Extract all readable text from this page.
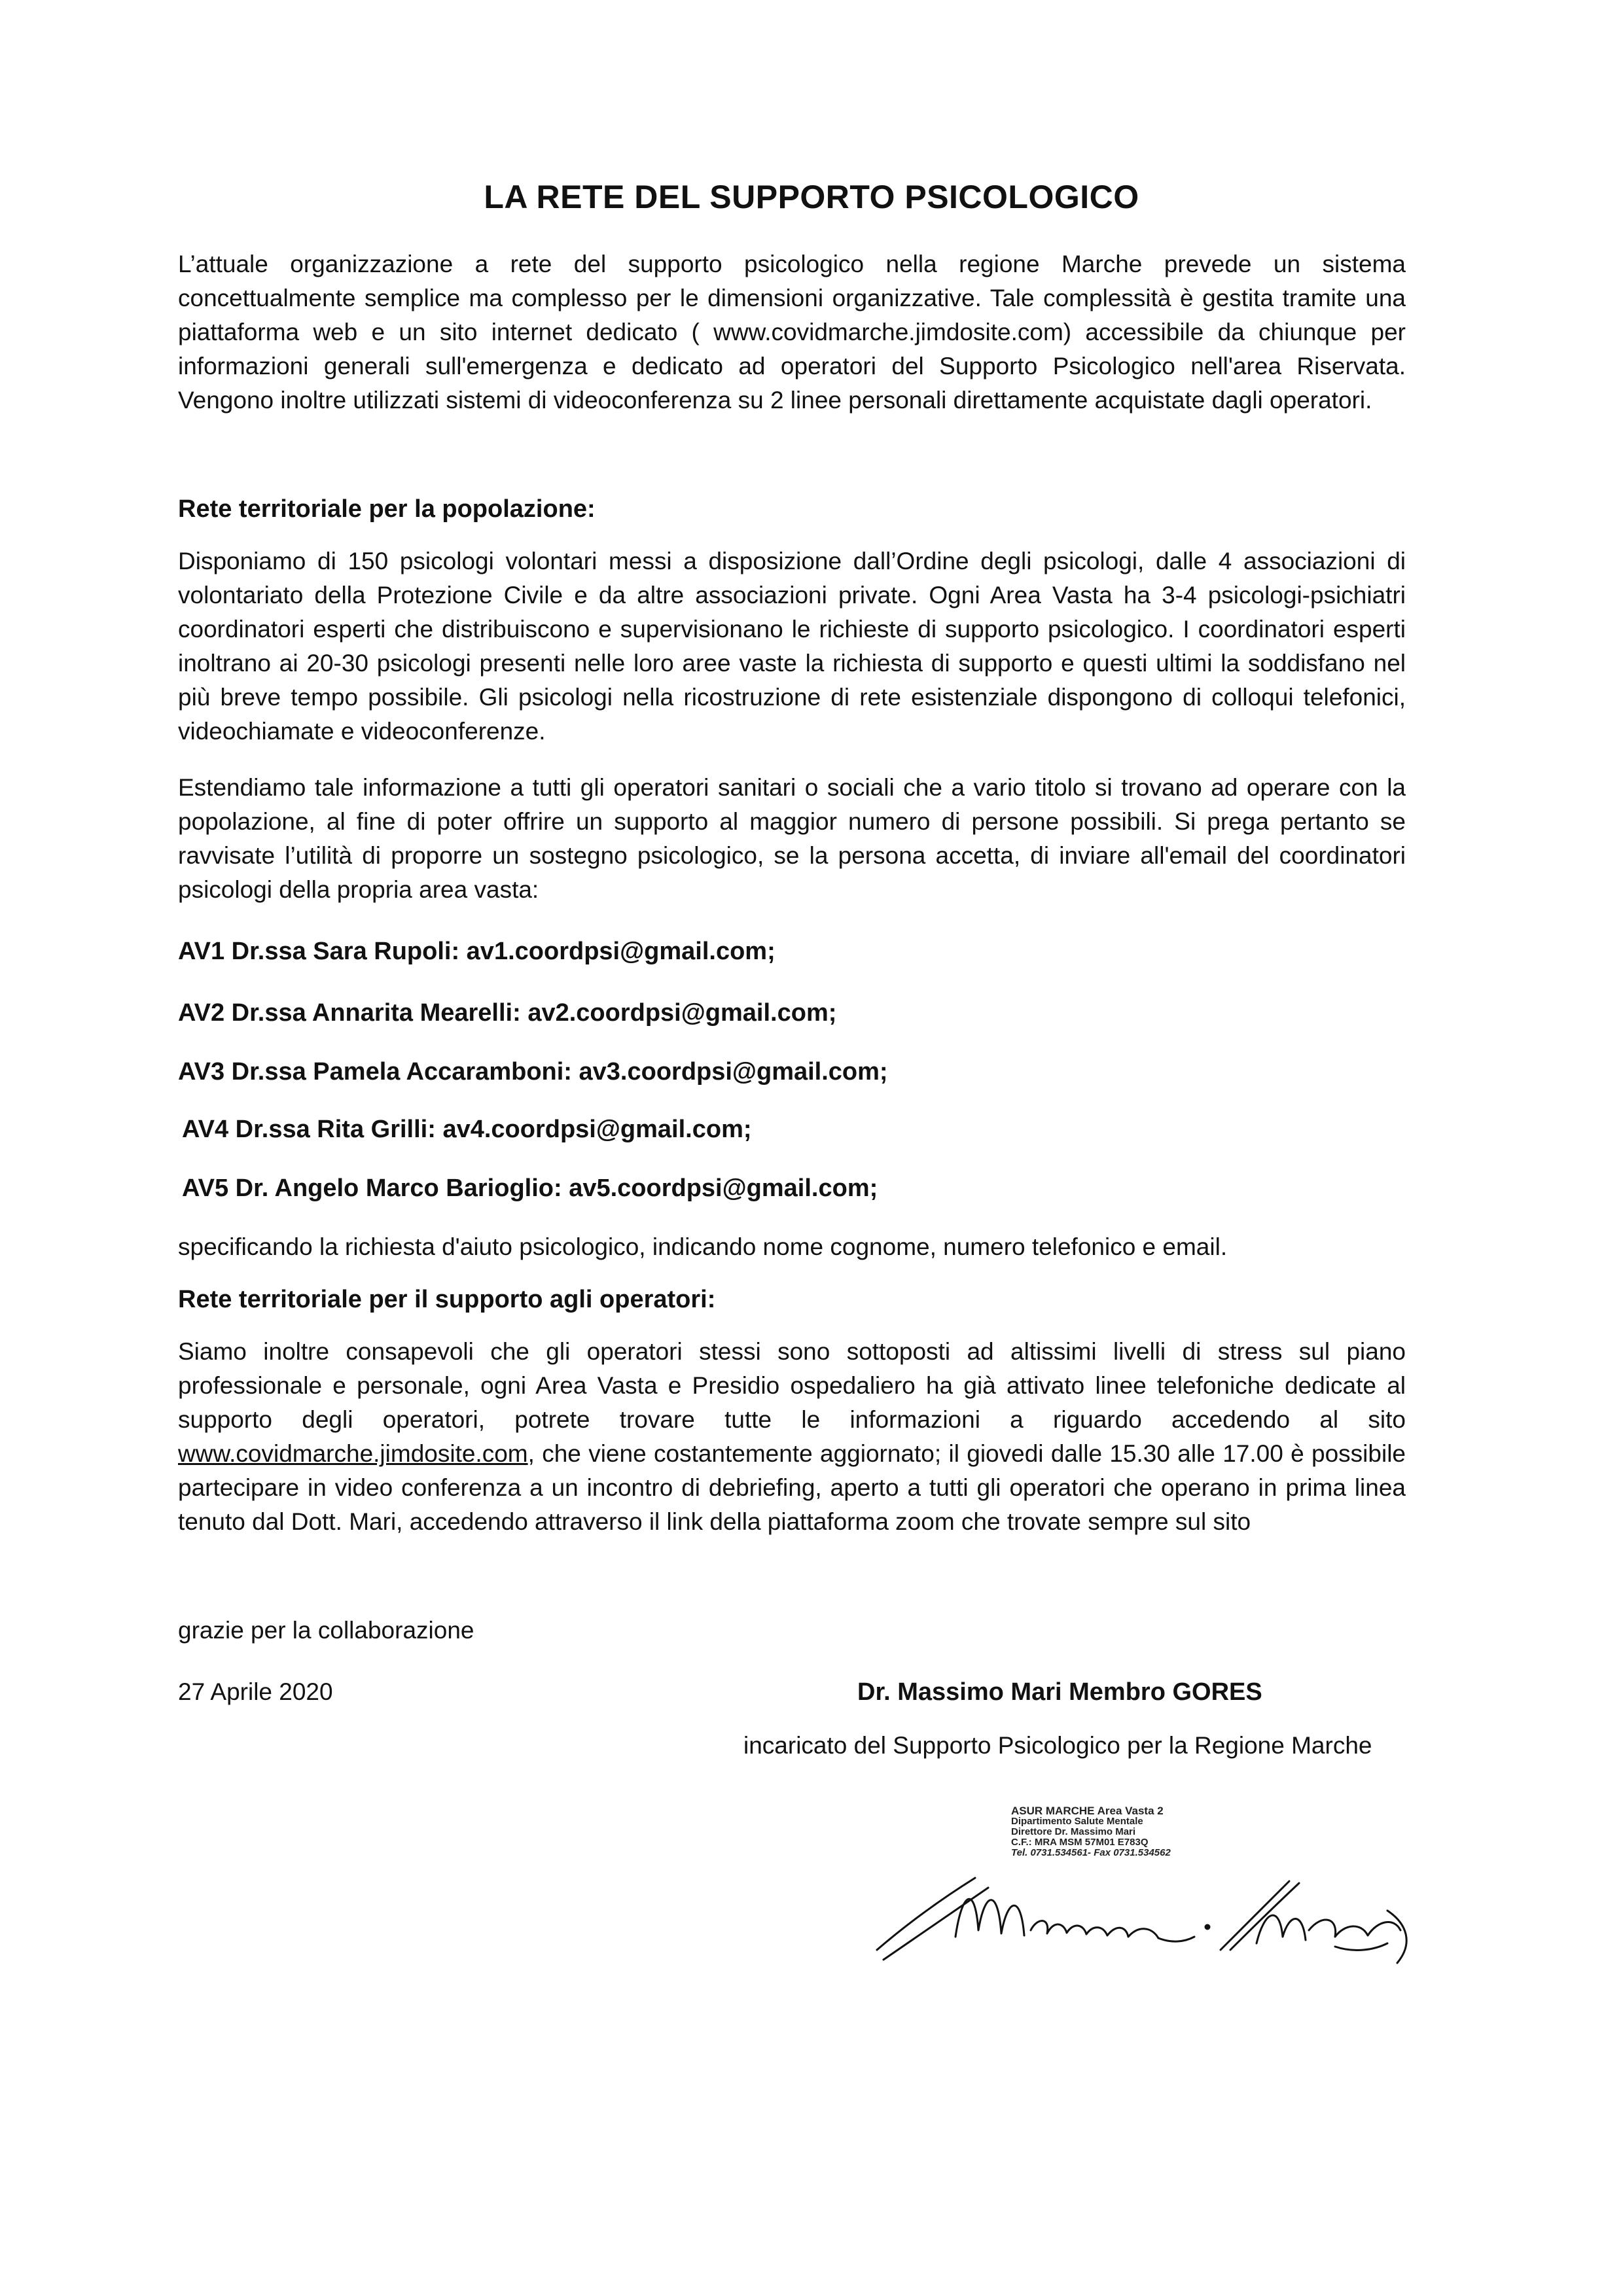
LA RETE DEL SUPPORTO PSICOLOGICO
L’attuale organizzazione a rete del supporto psicologico nella regione Marche prevede un sistema concettualmente semplice ma complesso per le dimensioni organizzative. Tale complessità è gestita tramite una piattaforma web e un sito internet dedicato ( www.covidmarche.jimdosite.com) accessibile da chiunque per informazioni generali sull'emergenza e dedicato ad operatori del Supporto Psicologico nell'area Riservata. Vengono inoltre utilizzati sistemi di videoconferenza su 2 linee personali direttamente acquistate dagli operatori.
Rete territoriale per la popolazione:
Disponiamo di 150 psicologi volontari messi a disposizione dall’Ordine degli psicologi, dalle 4 associazioni di volontariato della Protezione Civile e da altre associazioni private. Ogni Area Vasta ha 3-4 psicologi-psichiatri coordinatori esperti che distribuiscono e supervisionano le richieste di supporto psicologico. I coordinatori esperti inoltrano ai 20-30 psicologi presenti nelle loro aree vaste la richiesta di supporto e questi ultimi la soddisfano nel più breve tempo possibile. Gli psicologi nella ricostruzione di rete esistenziale dispongono di colloqui telefonici, videochiamate e videoconferenze.
Estendiamo tale informazione a tutti gli operatori sanitari o sociali che a vario titolo si trovano ad operare con la popolazione, al fine di poter offrire un supporto al maggior numero di persone possibili. Si prega pertanto se ravvisate l’utilità di proporre un sostegno psicologico, se la persona accetta, di inviare all'email del coordinatori psicologi della propria area vasta:
AV1 Dr.ssa Sara Rupoli: av1.coordpsi@gmail.com;
AV2 Dr.ssa Annarita Mearelli: av2.coordpsi@gmail.com;
AV3 Dr.ssa Pamela Accaramboni: av3.coordpsi@gmail.com;
AV4 Dr.ssa Rita Grilli: av4.coordpsi@gmail.com;
AV5 Dr. Angelo Marco Barioglio: av5.coordpsi@gmail.com;
specificando la richiesta d'aiuto psicologico, indicando nome cognome, numero telefonico e email.
Rete territoriale per il supporto agli operatori:
Siamo inoltre consapevoli che gli operatori stessi sono sottoposti ad altissimi livelli di stress sul piano professionale e personale, ogni Area Vasta e Presidio ospedaliero ha già attivato linee telefoniche dedicate al supporto degli operatori, potrete trovare tutte le informazioni a riguardo accedendo al sito www.covidmarche.jimdosite.com, che viene costantemente aggiornato; il giovedi dalle 15.30 alle 17.00 è possibile partecipare in video conferenza a un incontro di debriefing, aperto a tutti gli operatori che operano in prima linea tenuto dal Dott. Mari, accedendo attraverso il link della piattaforma zoom che trovate sempre sul sito
grazie per la collaborazione
27 Aprile 2020	Dr. Massimo Mari Membro GORES
incaricato del Supporto Psicologico per la Regione Marche
ASUR MARCHE Area Vasta 2
Dipartimento Salute Mentale
Direttore Dr. Massimo Mari
C.F.: MRA MSM 57M01 E783Q
Tel. 0731.534561- Fax 0731.534562
